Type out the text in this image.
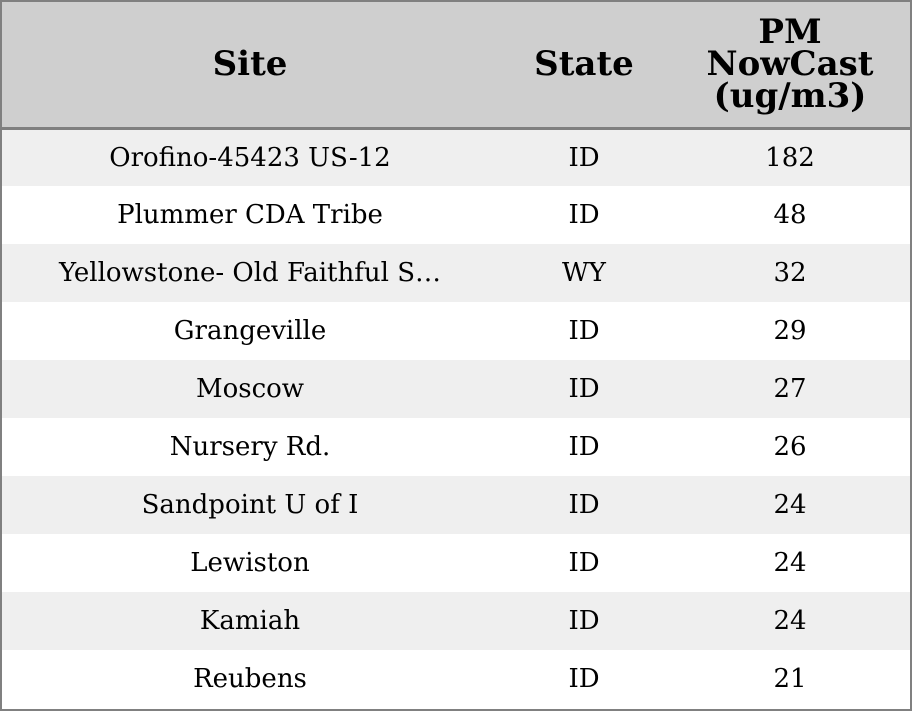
Site	State	PM
NowCast
(ug/m3)

Orofino-45423 US-12	ID	182
Plummer CDA Tribe	ID	48
Yellowstone- Old Faithful S…	WY	32
Grangeville	ID	29
Moscow	ID	27
Nursery Rd.	ID	26
Sandpoint U of I	ID	24
Lewiston	ID	24
Kamiah	ID	24
Reubens	ID	21
